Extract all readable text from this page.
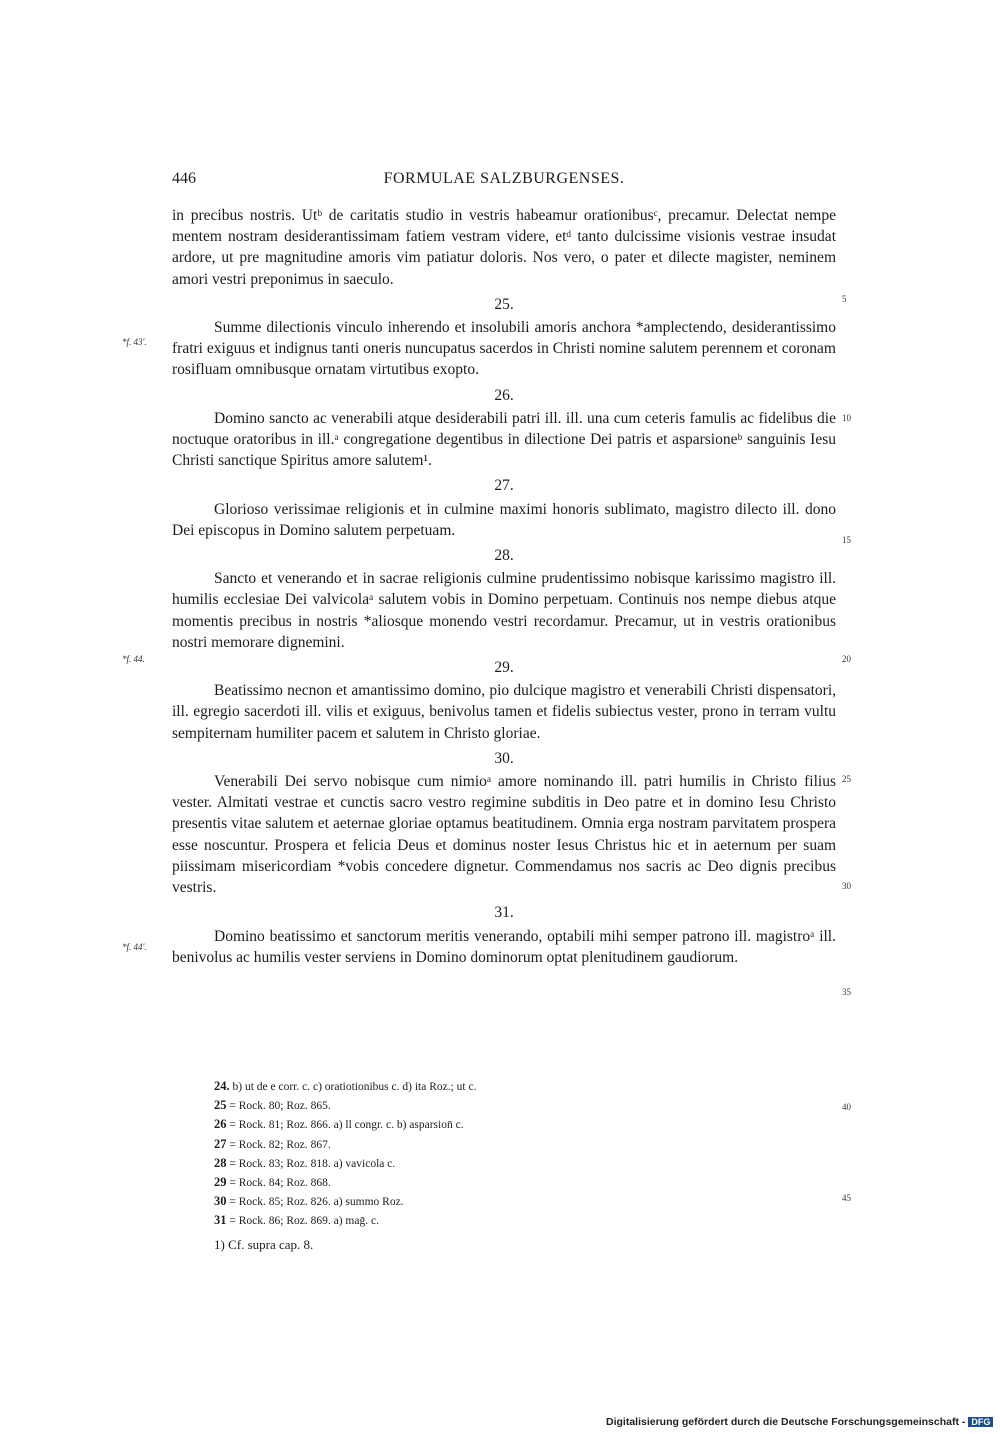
446	FORMULAE SALZBURGENSES.

in precibus nostris. Utᵇ de caritatis studio in vestris habeamur orationibusᶜ, precamur. Delectat nempe mentem nostram desiderantissimam fatiem vestram videre, etᵈ tanto dulcissime visionis vestrae insudat ardore, ut pre magnitudine amoris vim patiatur doloris. Nos vero, o pater et dilecte magister, neminem amori vestri preponimus in saeculo.

25.

Summe dilectionis vinculo inherendo et insolubili amoris anchora *amplectendo, desiderantissimo fratri exiguus et indignus tanti oneris nuncupatus sacerdos in Christi nomine salutem perennem et coronam rosifluam omnibusque ornatam virtutibus exopto.

26.

Domino sancto ac venerabili atque desiderabili patri ill. ill. una cum ceteris famulis ac fidelibus die noctuque oratoribus in ill.ᵃ congregatione degentibus in dilectione Dei patris et asparsioneᵇ sanguinis Iesu Christi sanctique Spiritus amore salutem¹.

27.

Glorioso verissimae religionis et in culmine maximi honoris sublimato, magistro dilecto ill. dono Dei episcopus in Domino salutem perpetuam.

28.

Sancto et venerando et in sacrae religionis culmine prudentissimo nobisque karissimo magistro ill. humilis ecclesiae Dei valvicolaᵃ salutem vobis in Domino perpetuam. Continuis nos nempe diebus atque momentis precibus in nostris *aliosque monendo vestri recordamur. Precamur, ut in vestris orationibus nostri memorare dignemini.

29.

Beatissimo necnon et amantissimo domino, pio dulcique magistro et venerabili Christi dispensatori, ill. egregio sacerdoti ill. vilis et exiguus, benivolus tamen et fidelis subiectus vester, prono in terram vultu sempiternam humiliter pacem et salutem in Christo gloriae.

30.

Venerabili Dei servo nobisque cum nimioᵃ amore nominando ill. patri humilis in Christo filius vester. Almitati vestrae et cunctis sacro vestro regimine subditis in Deo patre et in domino Iesu Christo presentis vitae salutem et aeternae gloriae optamus beatitudinem. Omnia erga nostram parvitatem prospera esse noscuntur. Prospera et felicia Deus et dominus noster Iesus Christus hic et in aeternum per suam piissimam misericordiam *vobis concedere dignetur. Commendamus nos sacris ac Deo dignis precibus vestris.

31.

Domino beatissimo et sanctorum meritis venerando, optabili mihi semper patrono ill. magistroᵃ ill. benivolus ac humilis vester serviens in Domino dominorum optat plenitudinem gaudiorum.

5
10
15
20
25
30
35
40
45
*f. 43'.
*f. 44.
*f. 44'.
24. b) ut de e corr. c. c) oratiotionibus c. d) ita Roz.; ut c.
25 = Rock. 80; Roz. 865.
26 = Rock. 81; Roz. 866. a) ll congr. c. b) asparsion̄ c.
27 = Rock. 82; Roz. 867.
28 = Rock. 83; Roz. 818. a) vavicola c.
29 = Rock. 84; Roz. 868.
30 = Rock. 85; Roz. 826. a) summo Roz.
31 = Rock. 86; Roz. 869. a) maḡ. c.
1) Cf. supra cap. 8.
Digitalisierung gefördert durch die Deutsche Forschungsgemeinschaft - DFG
